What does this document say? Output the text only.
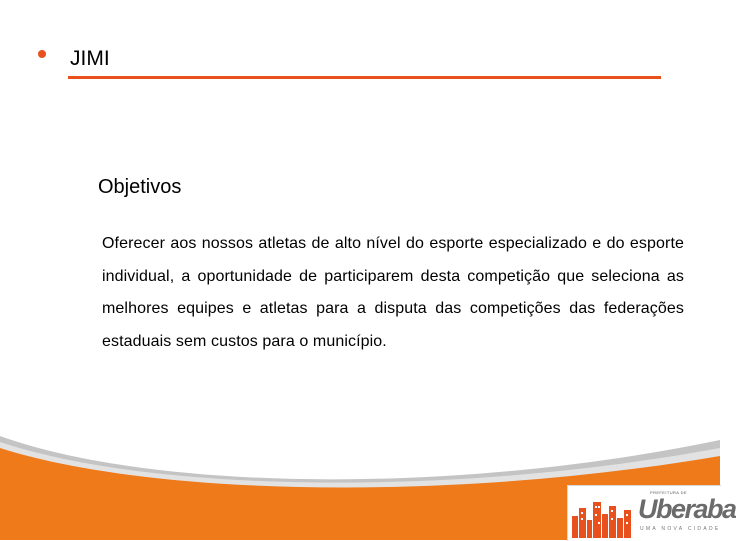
JIMI
Objetivos
Oferecer aos nossos atletas de alto nível do esporte especializado e do esporte individual, a oportunidade de participarem desta competição que seleciona as melhores equipes e atletas para a disputa das competições das federações estaduais sem custos para o município.
PREFEITURA DE
Uberaba
UMA NOVA CIDADE
